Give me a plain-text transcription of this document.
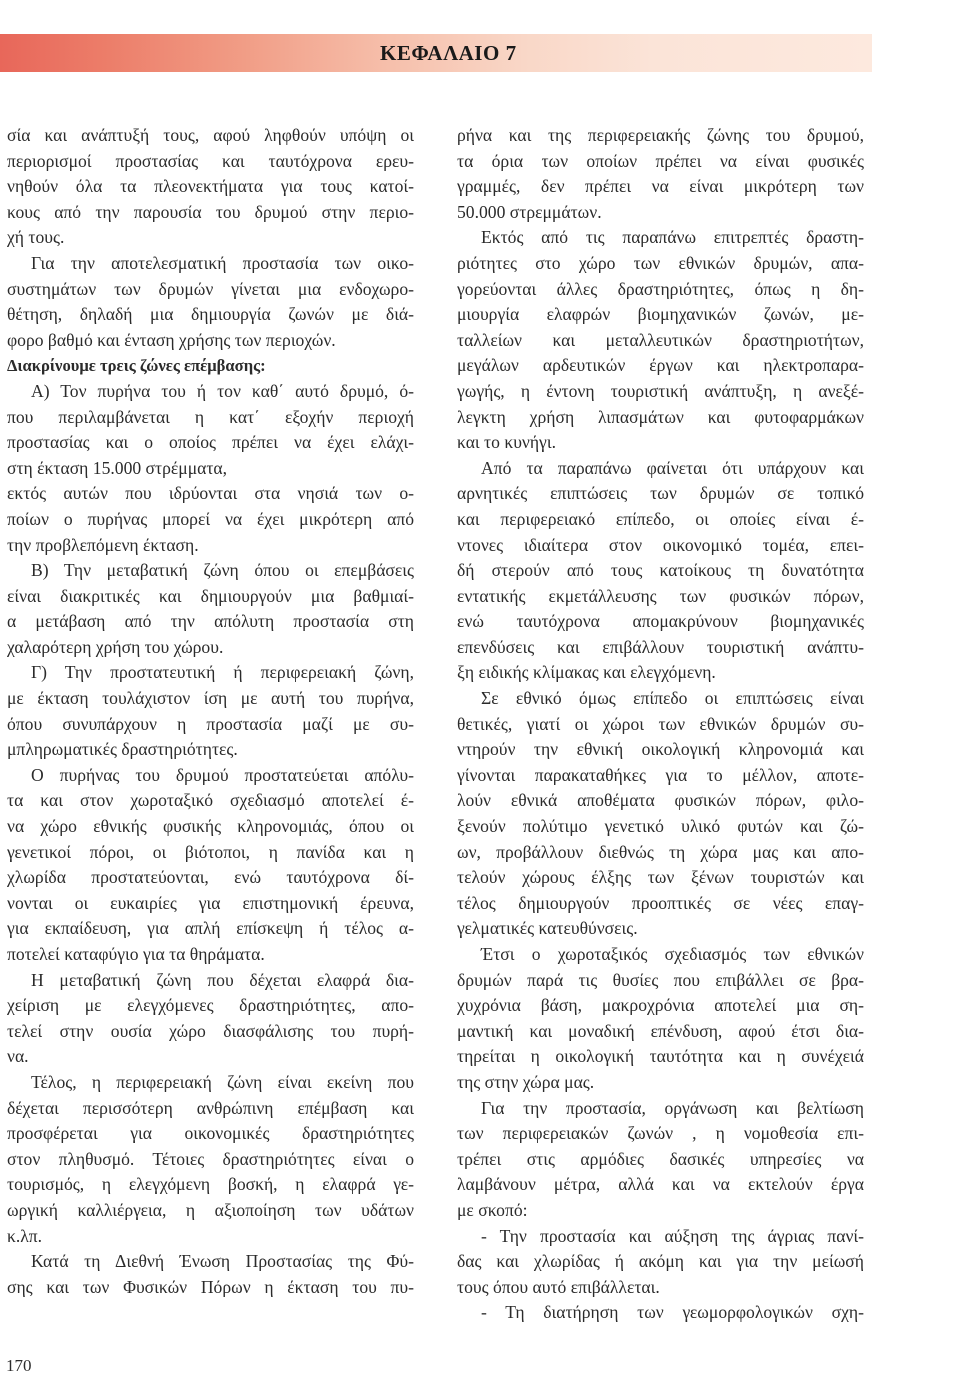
ΚΕΦΑΛΑΙΟ 7
σία και ανάπτυξή τους, αφού ληφθούν υπόψη οι
περιορισμοί προστασίας και ταυτόχρονα ερευ-
νηθούν όλα τα πλεονεκτήματα για τους κατοί-
κους από την παρουσία του δρυμού στην περιο-
χή τους.
Για την αποτελεσματική προστασία των οικο-
συστημάτων των δρυμών γίνεται μια ενδοχωρο-
θέτηση, δηλαδή μια δημιουργία ζωνών με διά-
φορο βαθμό και ένταση χρήσης των περιοχών.
Διακρίνουμε τρεις ζώνες επέμβασης:
Α) Τον πυρήνα του ή τον καθ΄ αυτό δρυμό, ό-
που περιλαμβάνεται η κατ΄ εξοχήν περιοχή
προστασίας και ο οποίος πρέπει να έχει ελάχι-
στη έκταση 15.000 στρέμματα,
εκτός αυτών που ιδρύονται στα νησιά των ο-
ποίων ο πυρήνας μπορεί να έχει μικρότερη από
την προβλεπόμενη έκταση.
Β) Την μεταβατική ζώνη όπου οι επεμβάσεις
είναι διακριτικές και δημιουργούν μια βαθμιαί-
α μετάβαση από την απόλυτη προστασία στη
χαλαρότερη χρήση του χώρου.
Γ) Την προστατευτική ή περιφερειακή ζώνη,
με έκταση τουλάχιστον ίση με αυτή του πυρήνα,
όπου συνυπάρχουν η προστασία μαζί με συ-
μπληρωματικές δραστηριότητες.
Ο πυρήνας του δρυμού προστατεύεται απόλυ-
τα και στον χωροταξικό σχεδιασμό αποτελεί έ-
να χώρο εθνικής φυσικής κληρονομιάς, όπου οι
γενετικοί πόροι, οι βιότοποι, η πανίδα και η
χλωρίδα προστατεύονται, ενώ ταυτόχρονα δί-
νονται οι ευκαιρίες για επιστημονική έρευνα,
για εκπαίδευση, για απλή επίσκεψη ή τέλος α-
ποτελεί καταφύγιο για τα θηράματα.
Η μεταβατική ζώνη που δέχεται ελαφρά δια-
χείριση με ελεγχόμενες δραστηριότητες, απο-
τελεί στην ουσία χώρο διασφάλισης του πυρή-
να.
Τέλος, η περιφερειακή ζώνη είναι εκείνη που
δέχεται περισσότερη ανθρώπινη επέμβαση και
προσφέρεται για οικονομικές δραστηριότητες
στον πληθυσμό. Τέτοιες δραστηριότητες είναι ο
τουρισμός, η ελεγχόμενη βοσκή, η ελαφρά γε-
ωργική καλλιέργεια, η αξιοποίηση των υδάτων
κ.λπ.
Κατά τη Διεθνή Ένωση Προστασίας της Φύ-
σης και των Φυσικών Πόρων η έκταση του πυ-
ρήνα και της περιφερειακής ζώνης του δρυμού,
τα όρια των οποίων πρέπει να είναι φυσικές
γραμμές, δεν πρέπει να είναι μικρότερη των
50.000 στρεμμάτων.
Εκτός από τις παραπάνω επιτρεπτές δραστη-
ριότητες στο χώρο των εθνικών δρυμών, απα-
γορεύονται άλλες δραστηριότητες, όπως η δη-
μιουργία ελαφρών βιομηχανικών ζωνών, με-
ταλλείων και μεταλλευτικών δραστηριοτήτων,
μεγάλων αρδευτικών έργων και ηλεκτροπαρα-
γωγής, η έντονη τουριστική ανάπτυξη, η ανεξέ-
λεγκτη χρήση λιπασμάτων και φυτοφαρμάκων
και το κυνήγι.
Από τα παραπάνω φαίνεται ότι υπάρχουν και
αρνητικές επιπτώσεις των δρυμών σε τοπικό
και περιφερειακό επίπεδο, οι οποίες είναι έ-
ντονες ιδιαίτερα στον οικονομικό τομέα, επει-
δή στερούν από τους κατοίκους τη δυνατότητα
εντατικής εκμετάλλευσης των φυσικών πόρων,
ενώ ταυτόχρονα απομακρύνουν βιομηχανικές
επενδύσεις και επιβάλλουν τουριστική ανάπτυ-
ξη ειδικής κλίμακας και ελεγχόμενη.
Σε εθνικό όμως επίπεδο οι επιπτώσεις είναι
θετικές, γιατί οι χώροι των εθνικών δρυμών συ-
ντηρούν την εθνική οικολογική κληρονομιά και
γίνονται παρακαταθήκες για το μέλλον, αποτε-
λούν εθνικά αποθέματα φυσικών πόρων, φιλο-
ξενούν πολύτιμο γενετικό υλικό φυτών και ζώ-
ων, προβάλλουν διεθνώς τη χώρα μας και απο-
τελούν χώρους έλξης των ξένων τουριστών και
τέλος δημιουργούν προοπτικές σε νέες επαγ-
γελματικές κατευθύνσεις.
Έτσι ο χωροταξικός σχεδιασμός των εθνικών
δρυμών παρά τις θυσίες που επιβάλλει σε βρα-
χυχρόνια βάση, μακροχρόνια αποτελεί μια ση-
μαντική και μοναδική επένδυση, αφού έτσι δια-
τηρείται η οικολογική ταυτότητα και η συνέχειά
της στην χώρα μας.
Για την προστασία, οργάνωση και βελτίωση
των περιφερειακών ζωνών , η νομοθεσία επι-
τρέπει στις αρμόδιες δασικές υπηρεσίες να
λαμβάνουν μέτρα, αλλά και να εκτελούν έργα
με σκοπό:
- Την προστασία και αύξηση της άγριας πανί-
δας και χλωρίδας ή ακόμη και για την μείωσή
τους όπου αυτό επιβάλλεται.
- Τη διατήρηση των γεωμορφολογικών σχη-
170
